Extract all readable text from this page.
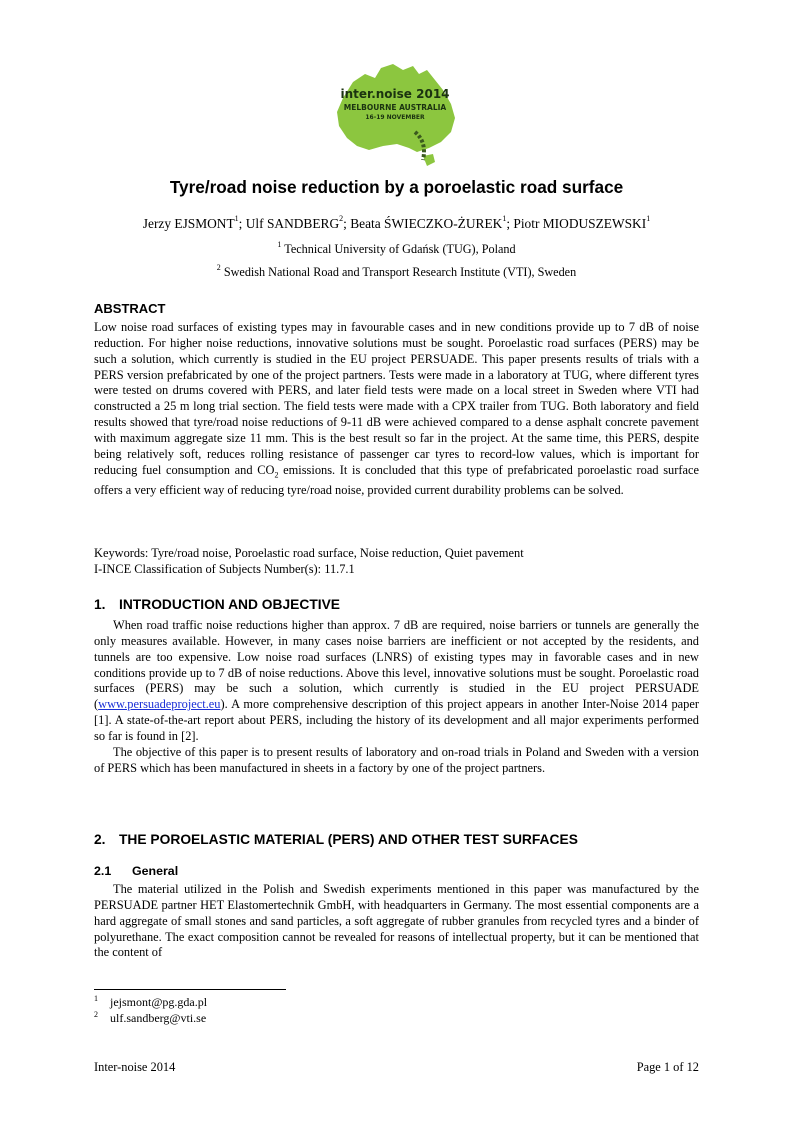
inter.noise 2014
MELBOURNE AUSTRALIA
16-19 NOVEMBER
Tyre/road noise reduction by a poroelastic road surface
Jerzy EJSMONT$^1$; Ulf SANDBERG$^2$; Beata ŚWIECZKO-ŻUREK$^1$; Piotr MIODUSZEWSKI$^1$
$^1$ Technical University of Gdańsk (TUG), Poland
$^2$ Swedish National Road and Transport Research Institute (VTI), Sweden
ABSTRACT

Low noise road surfaces of existing types may in favourable cases and in new conditions provide up to 7 dB of noise reduction. For higher noise reductions, innovative solutions must be sought. Poroelastic road surfaces (PERS) may be such a solution, which currently is studied in the EU project PERSUADE. This paper presents results of trials with a PERS version prefabricated by one of the project partners. Tests were made in a laboratory at TUG, where different tyres were tested on drums covered with PERS, and later field tests were made on a local street in Sweden where VTI had constructed a 25 m long trial section. The field tests were made with a CPX trailer from TUG. Both laboratory and field results showed that tyre/road noise reductions of 9-11 dB were achieved compared to a dense asphalt concrete pavement with maximum aggregate size 11 mm. This is the best result so far in the project. At the same time, this PERS, despite being relatively soft, reduces rolling resistance of passenger car tyres to record-low values, which is important for reducing fuel consumption and $CO_2$ emissions. It is concluded that this type of prefabricated poroelastic road surface offers a very efficient way of reducing tyre/road noise, provided current durability problems can be solved.

Keywords: Tyre/road noise, Poroelastic road surface, Noise reduction, Quiet pavement
I-INCE Classification of Subjects Number(s): 11.7.1
1. INTRODUCTION AND OBJECTIVE

When road traffic noise reductions higher than approx. 7 dB are required, noise barriers or tunnels are generally the only measures available. However, in many cases noise barriers are inefficient or not accepted by the residents, and tunnels are too expensive. Low noise road surfaces (LNRS) of existing types may in favorable cases and in new conditions provide up to 7 dB of noise reductions. Above this level, innovative solutions must be sought. Poroelastic road surfaces (PERS) may be such a solution, which currently is studied in the EU project PERSUADE (www.persuadeproject.eu). A more comprehensive description of this project appears in another Inter-Noise 2014 paper [1]. A state-of-the-art report about PERS, including the history of its development and all major experiments performed so far is found in [2].

The objective of this paper is to present results of laboratory and on-road trials in Poland and Sweden with a version of PERS which has been manufactured in sheets in a factory by one of the project partners.

2. THE POROELASTIC MATERIAL (PERS) AND OTHER TEST SURFACES
2.1 General

The material utilized in the Polish and Swedish experiments mentioned in this paper was manufactured by the PERSUADE partner HET Elastomertechnik GmbH, with headquarters in Germany. The most essential components are a hard aggregate of small stones and sand particles, a soft aggregate of rubber granules from recycled tyres and a binder of polyurethane. The exact composition cannot be revealed for reasons of intellectual property, but it can be mentioned that the content of

1 jejsmont@pg.gda.pl
2 ulf.sandberg@vti.se
Inter-noise 2014	Page 1 of 12
